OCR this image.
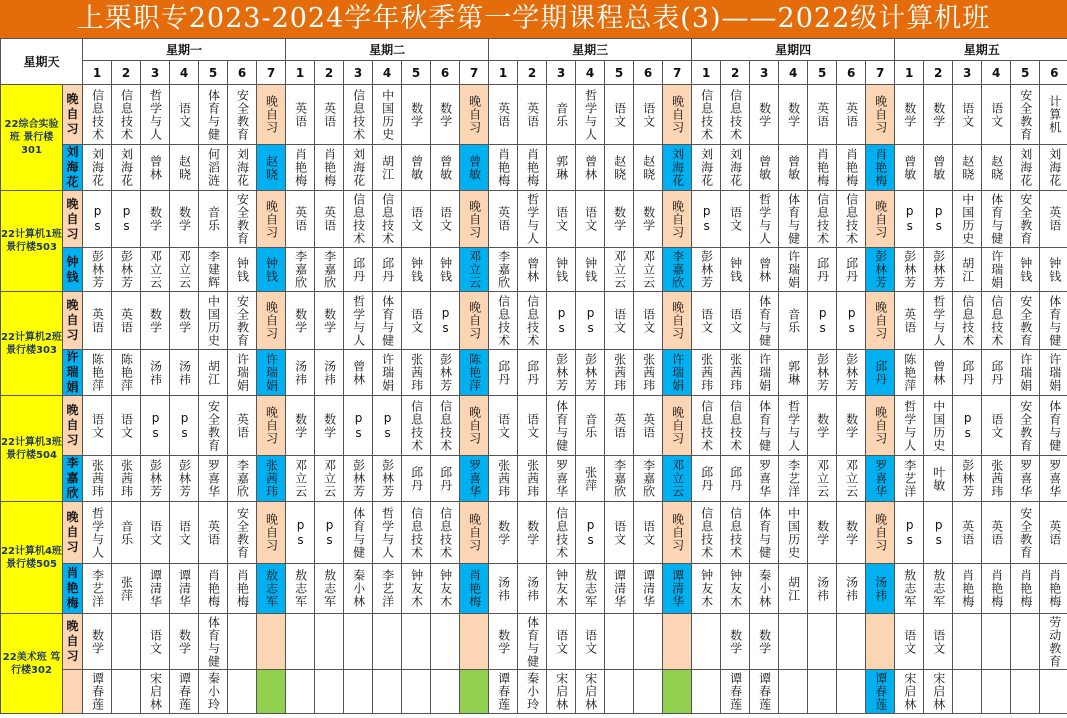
上栗职专2023-2024学年秋季第一学期课程总表(3)——2022级计算机班
星期天		星期一							星期二							星期三							星期四							星期五					
		1	2	3	4	5	6	7	1	2	3	4	5	6	7	1	2	3	4	5	6	7	1	2	3	4	5	6	7	1	2	3	4	5	6
22综合实验班 景行楼301	晚自习	信息技术	信息技术	哲学与人	语文	体育与健	安全教育	晚自习	英语	英语	信息技术	中国历史	数学	数学	晚自习	英语	英语	音乐	哲学与人	语文	语文	晚自习	信息技术	信息技术	数学	数学	英语	英语	晚自习	数学	数学	语文	语文	安全教育	计算机
	刘海花	刘海花	刘海花	曾林	赵晓	何滔涟	刘海花	赵晓	肖艳梅	肖艳梅	刘海花	胡江	曾敏	曾敏	曾敏	肖艳梅	肖艳梅	郭琳	曾林	赵晓	赵晓	刘海花	刘海花	刘海花	曾敏	曾敏	肖艳梅	肖艳梅	肖艳梅	曾敏	曾敏	赵晓	赵晓	刘海花	刘海花
22计算机1班 景行楼503	晚自习	ps	ps	数学	数学	音乐	安全教育	晚自习	英语	英语	信息技术	信息技术	语文	语文	晚自习	英语	哲学与人	语文	语文	数学	数学	晚自习	ps	语文	哲学与人	体育与健	信息技术	信息技术	晚自习	ps	ps	中国历史	体育与健	安全教育	英语
	钟钱	彭林芳	彭林芳	邓立云	邓立云	李建辉	钟钱	钟钱	李嘉欣	李嘉欣	邱丹	邱丹	钟钱	钟钱	邓立云	李嘉欣	曾林	钟钱	钟钱	邓立云	邓立云	李嘉欣	彭林芳	钟钱	曾林	许瑞娟	邱丹	邱丹	彭林芳	彭林芳	彭林芳	胡江	许瑞娟	钟钱	钟钱
22计算机2班 景行楼303	晚自习	英语	英语	数学	数学	中国历史	安全教育	晚自习	数学	数学	哲学与人	体育与健	语文	ps	晚自习	信息技术	信息技术	ps	ps	语文	语文	晚自习	语文	语文	体育与健	音乐	ps	ps	晚自习	英语	哲学与人	信息技术	信息技术	安全教育	体育与健
	许瑞娟	陈艳萍	陈艳萍	汤祎	汤祎	胡江	许瑞娟	许瑞娟	汤祎	汤祎	曾林	许瑞娟	张茜玮	彭林芳	陈艳萍	邱丹	邱丹	彭林芳	彭林芳	张茜玮	张茜玮	许瑞娟	张茜玮	张茜玮	许瑞娟	郭琳	彭林芳	彭林芳	邱丹	陈艳萍	曾林	邱丹	邱丹	许瑞娟	许瑞娟
22计算机3班 景行楼504	晚自习	语文	语文	ps	ps	安全教育	英语	晚自习	数学	数学	ps	ps	信息技术	信息技术	晚自习	语文	语文	体育与健	音乐	英语	英语	晚自习	信息技术	信息技术	体育与健	哲学与人	数学	数学	晚自习	哲学与人	中国历史	ps	语文	安全教育	体育与健
	李嘉欣	张茜玮	张茜玮	彭林芳	彭林芳	罗喜华	李嘉欣	张茜玮	邓立云	邓立云	彭林芳	彭林芳	邱丹	邱丹	罗喜华	张茜玮	张茜玮	罗喜华	张萍	李嘉欣	李嘉欣	邓立云	邱丹	邱丹	罗喜华	李艺洋	邓立云	邓立云	罗喜华	李艺洋	叶敏	彭林芳	张茜玮	罗喜华	罗喜华
22计算机4班 景行楼505	晚自习	哲学与人	音乐	语文	语文	英语	安全教育	晚自习	ps	ps	体育与健	哲学与人	信息技术	信息技术	晚自习	数学	数学	信息技术	ps	语文	语文	晚自习	信息技术	信息技术	体育与健	中国历史	数学	数学	晚自习	ps	ps	英语	英语	安全教育	英语
	肖艳梅	李艺洋	张萍	谭清华	谭清华	肖艳梅	肖艳梅	敖志军	敖志军	敖志军	秦小林	李艺洋	钟友木	钟友木	肖艳梅	汤祎	汤祎	钟友木	敖志军	谭清华	谭清华	谭清华	钟友木	钟友木	秦小林	胡江	汤祎	汤祎	汤祎	敖志军	敖志军	肖艳梅	肖艳梅	肖艳梅	肖艳梅
22美术班 笃行楼302	晚自习	数学		语文	数学	体育与健										数学	体育与健	语文	语文					数学	数学					语文	语文				劳动教育
		谭春莲		宋启林	谭春莲	秦小玲										谭春莲	秦小玲	宋启林	宋启林					谭春莲	谭春莲				谭春莲	宋启林	宋启林				
